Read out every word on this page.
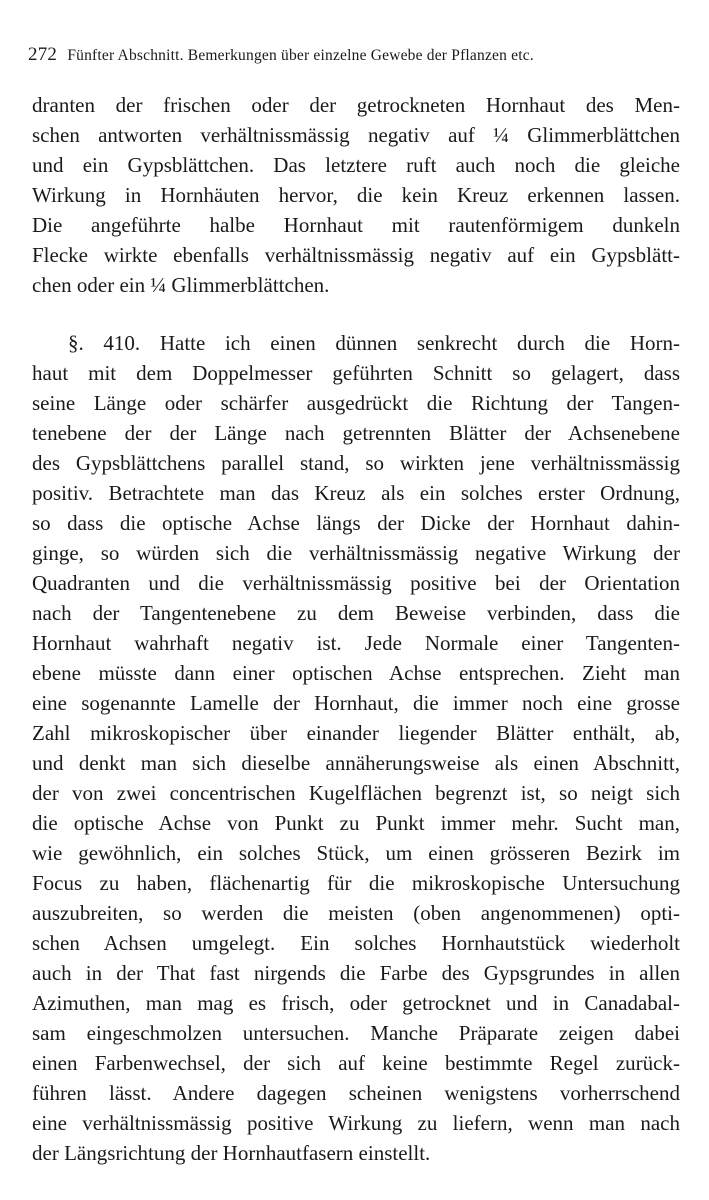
272 Fünfter Abschnitt. Bemerkungen über einzelne Gewebe der Pflanzen etc.
dranten der frischen oder der getrockneten Hornhaut des Men-
schen antworten verhältnissmässig negativ auf ¼ Glimmerblättchen
und ein Gypsblättchen. Das letztere ruft auch noch die gleiche
Wirkung in Hornhäuten hervor, die kein Kreuz erkennen lassen.
Die angeführte halbe Hornhaut mit rautenförmigem dunkeln
Flecke wirkte ebenfalls verhältnissmässig negativ auf ein Gypsblätt-
chen oder ein ¼ Glimmerblättchen.
§. 410. Hatte ich einen dünnen senkrecht durch die Horn-
haut mit dem Doppelmesser geführten Schnitt so gelagert, dass
seine Länge oder schärfer ausgedrückt die Richtung der Tangen-
tenebene der der Länge nach getrennten Blätter der Achsenebene
des Gypsblättchens parallel stand, so wirkten jene verhältnissmässig
positiv. Betrachtete man das Kreuz als ein solches erster Ordnung,
so dass die optische Achse längs der Dicke der Hornhaut dahin-
ginge, so würden sich die verhältnissmässig negative Wirkung der
Quadranten und die verhältnissmässig positive bei der Orientation
nach der Tangentenebene zu dem Beweise verbinden, dass die
Hornhaut wahrhaft negativ ist. Jede Normale einer Tangenten-
ebene müsste dann einer optischen Achse entsprechen. Zieht man
eine sogenannte Lamelle der Hornhaut, die immer noch eine grosse
Zahl mikroskopischer über einander liegender Blätter enthält, ab,
und denkt man sich dieselbe annäherungsweise als einen Abschnitt,
der von zwei concentrischen Kugelflächen begrenzt ist, so neigt sich
die optische Achse von Punkt zu Punkt immer mehr. Sucht man,
wie gewöhnlich, ein solches Stück, um einen grösseren Bezirk im
Focus zu haben, flächenartig für die mikroskopische Untersuchung
auszubreiten, so werden die meisten (oben angenommenen) opti-
schen Achsen umgelegt. Ein solches Hornhautstück wiederholt
auch in der That fast nirgends die Farbe des Gypsgrundes in allen
Azimuthen, man mag es frisch, oder getrocknet und in Canadabal-
sam eingeschmolzen untersuchen. Manche Präparate zeigen dabei
einen Farbenwechsel, der sich auf keine bestimmte Regel zurück-
führen lässt. Andere dagegen scheinen wenigstens vorherrschend
eine verhältnissmässig positive Wirkung zu liefern, wenn man nach
der Längsrichtung der Hornhautfasern einstellt.
